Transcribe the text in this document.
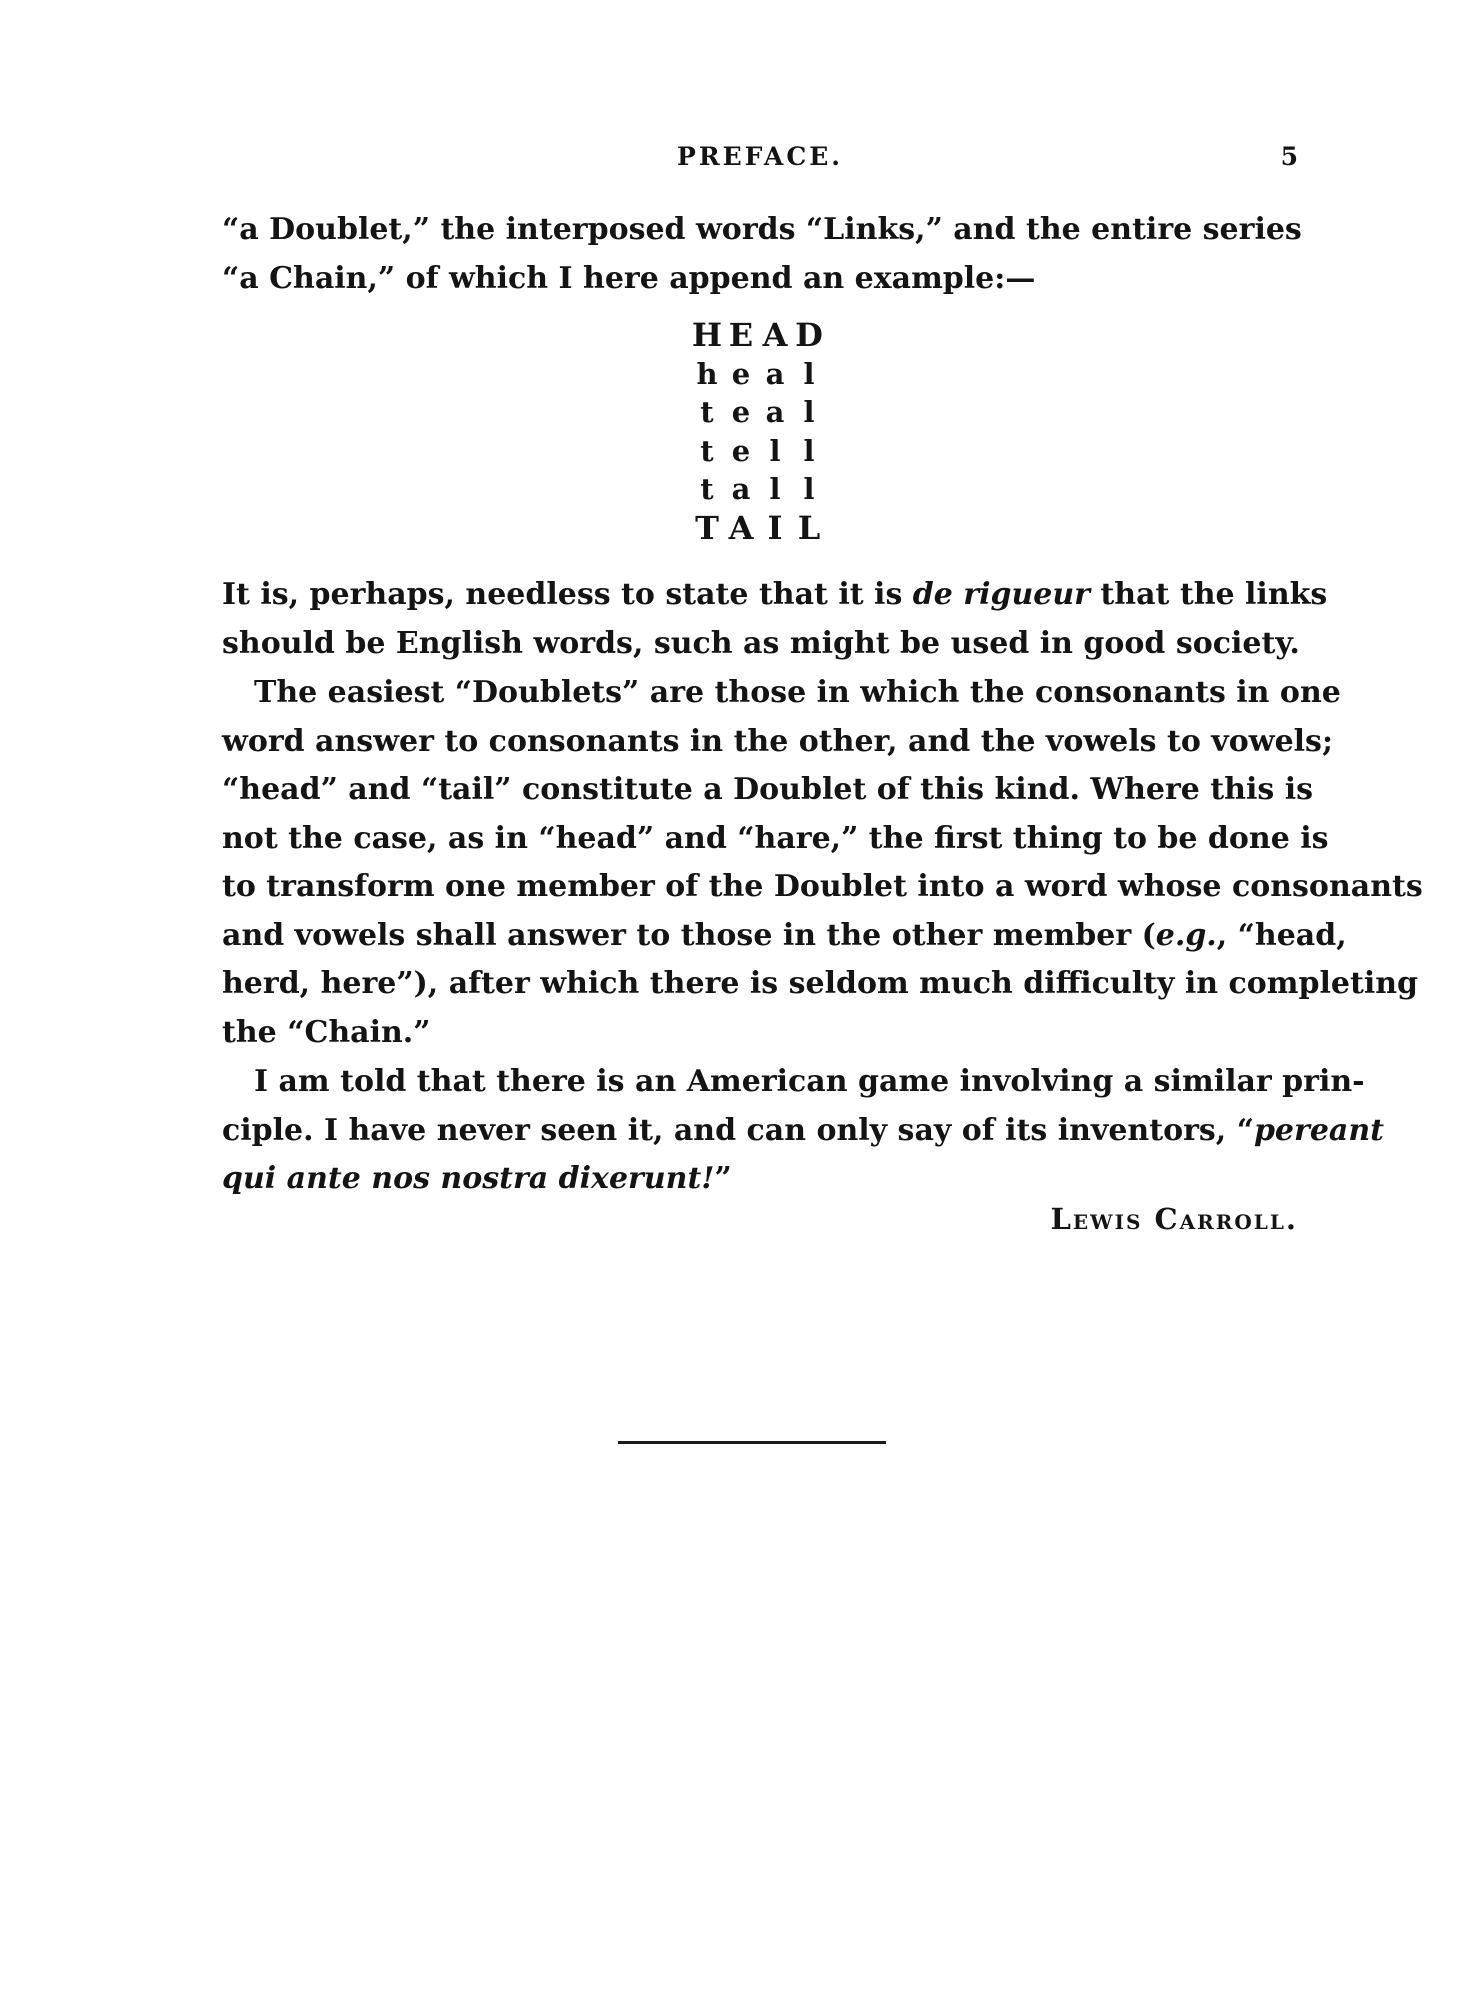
PREFACE.	5
“a Doublet,” the interposed words “Links,” and the entire series
“a Chain,” of which I here append an example:—
H E A D
h e a l
t e a l
t e l l
t a l l
T A I L
It is, perhaps, needless to state that it is de rigueur that the links
should be English words, such as might be used in good society.
The easiest “Doublets” are those in which the consonants in one
word answer to consonants in the other, and the vowels to vowels;
“head” and “tail” constitute a Doublet of this kind. Where this is
not the case, as in “head” and “hare,” the first thing to be done is
to transform one member of the Doublet into a word whose consonants
and vowels shall answer to those in the other member (e.g., “head,
herd, here”), after which there is seldom much difficulty in completing
the “Chain.”
I am told that there is an American game involving a similar prin-
ciple. I have never seen it, and can only say of its inventors, “pereant
qui ante nos nostra dixerunt!”
Lewis Carroll.
